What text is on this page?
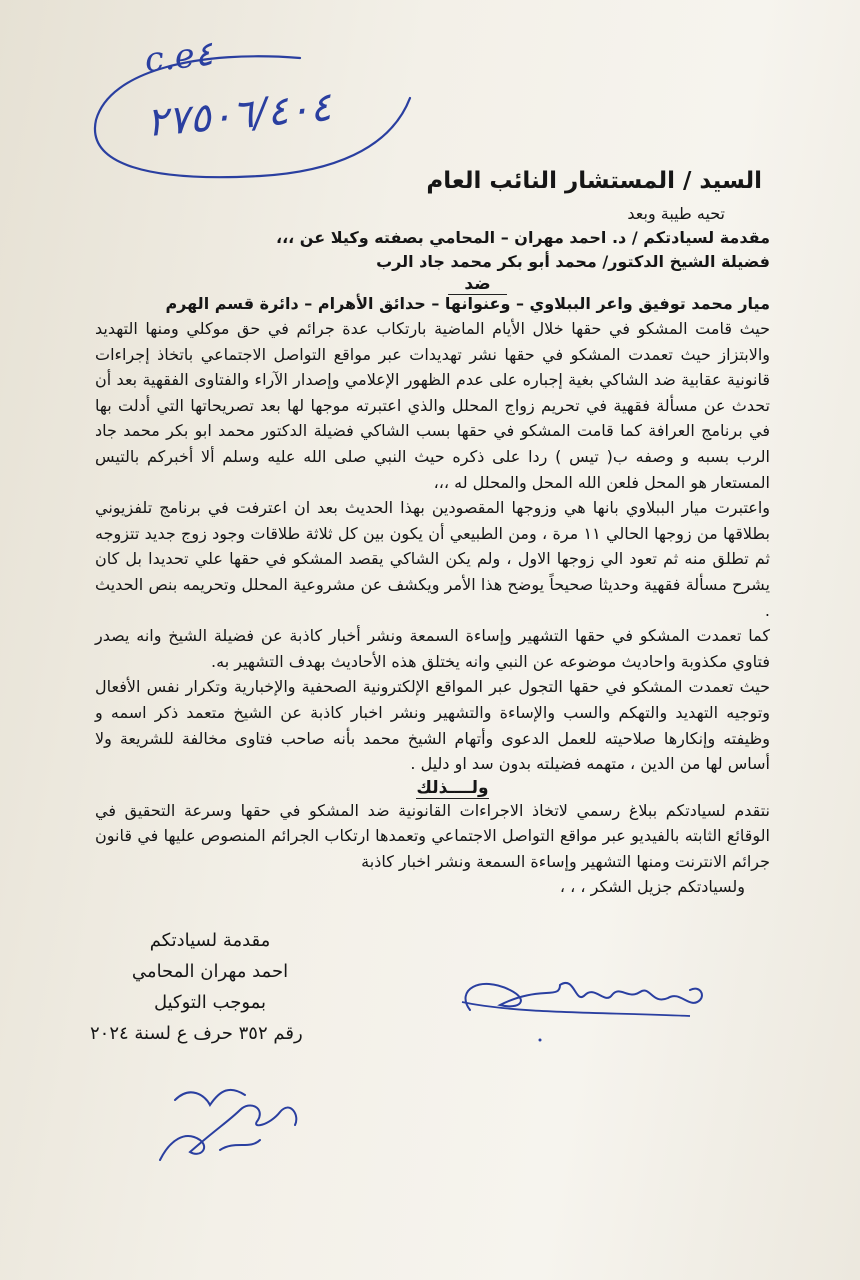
c.e٤
٢٧٥٠٦/٤٠٤
السيد / المستشار النائب العام

تحيه طيبة وبعد

مقدمة لسيادتكم / د. احمد مهران – المحامي بصفته وكيلا عن ،،،

فضيلة الشيخ الدكتور/ محمد أبو بكر محمد جاد الرب

ضد

ميار محمد توفيق واعر الببلاوي – وعنوانها – حدائق الأهرام – دائرة قسم الهرم

حيث قامت المشكو في حقها خلال الأيام الماضية بارتكاب عدة جرائم في حق موكلي ومنها التهديد والابتزاز حيث تعمدت المشكو في حقها نشر تهديدات عبر مواقع التواصل الاجتماعي باتخاذ إجراءات قانونية عقابية ضد الشاكي بغية إجباره على عدم الظهور الإعلامي وإصدار الآراء والفتاوى الفقهية بعد أن تحدث عن مسألة فقهية في تحريم زواج المحلل والذي اعتبرته موجها لها بعد تصريحاتها التي أدلت بها في برنامج العرافة كما قامت المشكو في حقها بسب الشاكي فضيلة الدكتور محمد ابو بكر محمد جاد الرب بسبه و وصفه ب( تيس ) ردا على ذكره حيث النبي صلى الله عليه وسلم ألا أخبركم بالتيس المستعار هو المحل فلعن الله المحل والمحلل له ،،،

واعتبرت ميار الببلاوي بانها هي وزوجها المقصودين بهذا الحديث بعد ان اعترفت في برنامج تلفزيوني بطلاقها من زوجها الحالي ١١ مرة ، ومن الطبيعي أن يكون بين كل ثلاثة طلاقات وجود زوج جديد تتزوجه ثم تطلق منه ثم تعود الي زوجها الاول ، ولم يكن الشاكي يقصد المشكو في حقها علي تحديدا بل كان يشرح مسألة فقهية وحديثا صحيحاً يوضح هذا الأمر ويكشف عن مشروعية المحلل وتحريمه بنص الحديث .

كما تعمدت المشكو في حقها التشهير وإساءة السمعة ونشر أخبار كاذبة عن فضيلة الشيخ وانه يصدر فتاوي مكذوبة واحاديث موضوعه عن النبي وانه يختلق هذه الأحاديث بهدف التشهير به.

حيث تعمدت المشكو في حقها التجول عبر المواقع الإلكترونية الصحفية والإخبارية وتكرار نفس الأفعال وتوجيه التهديد والتهكم والسب والإساءة والتشهير ونشر اخبار كاذبة عن الشيخ متعمد ذكر اسمه و وظيفته وإنكارها صلاحيته للعمل الدعوى وأتهام الشيخ محمد بأنه صاحب فتاوى مخالفة للشريعة ولا أساس لها من الدين ، متهمه فضيلته بدون سد او دليل .

ولــــذلك

نتقدم لسيادتكم ببلاغ رسمي لاتخاذ الاجراءات القانونية ضد المشكو في حقها وسرعة التحقيق في الوقائع الثابته بالفيديو عبر مواقع التواصل الاجتماعي وتعمدها ارتكاب الجرائم المنصوص عليها في قانون جرائم الانترنت ومنها التشهير وإساءة السمعة ونشر اخبار كاذبة

ولسيادتكم جزيل الشكر ، ، ،

مقدمة لسيادتكم
احمد مهران المحامي
بموجب التوكيل
رقم ٣٥٢ حرف ع لسنة ٢٠٢٤
